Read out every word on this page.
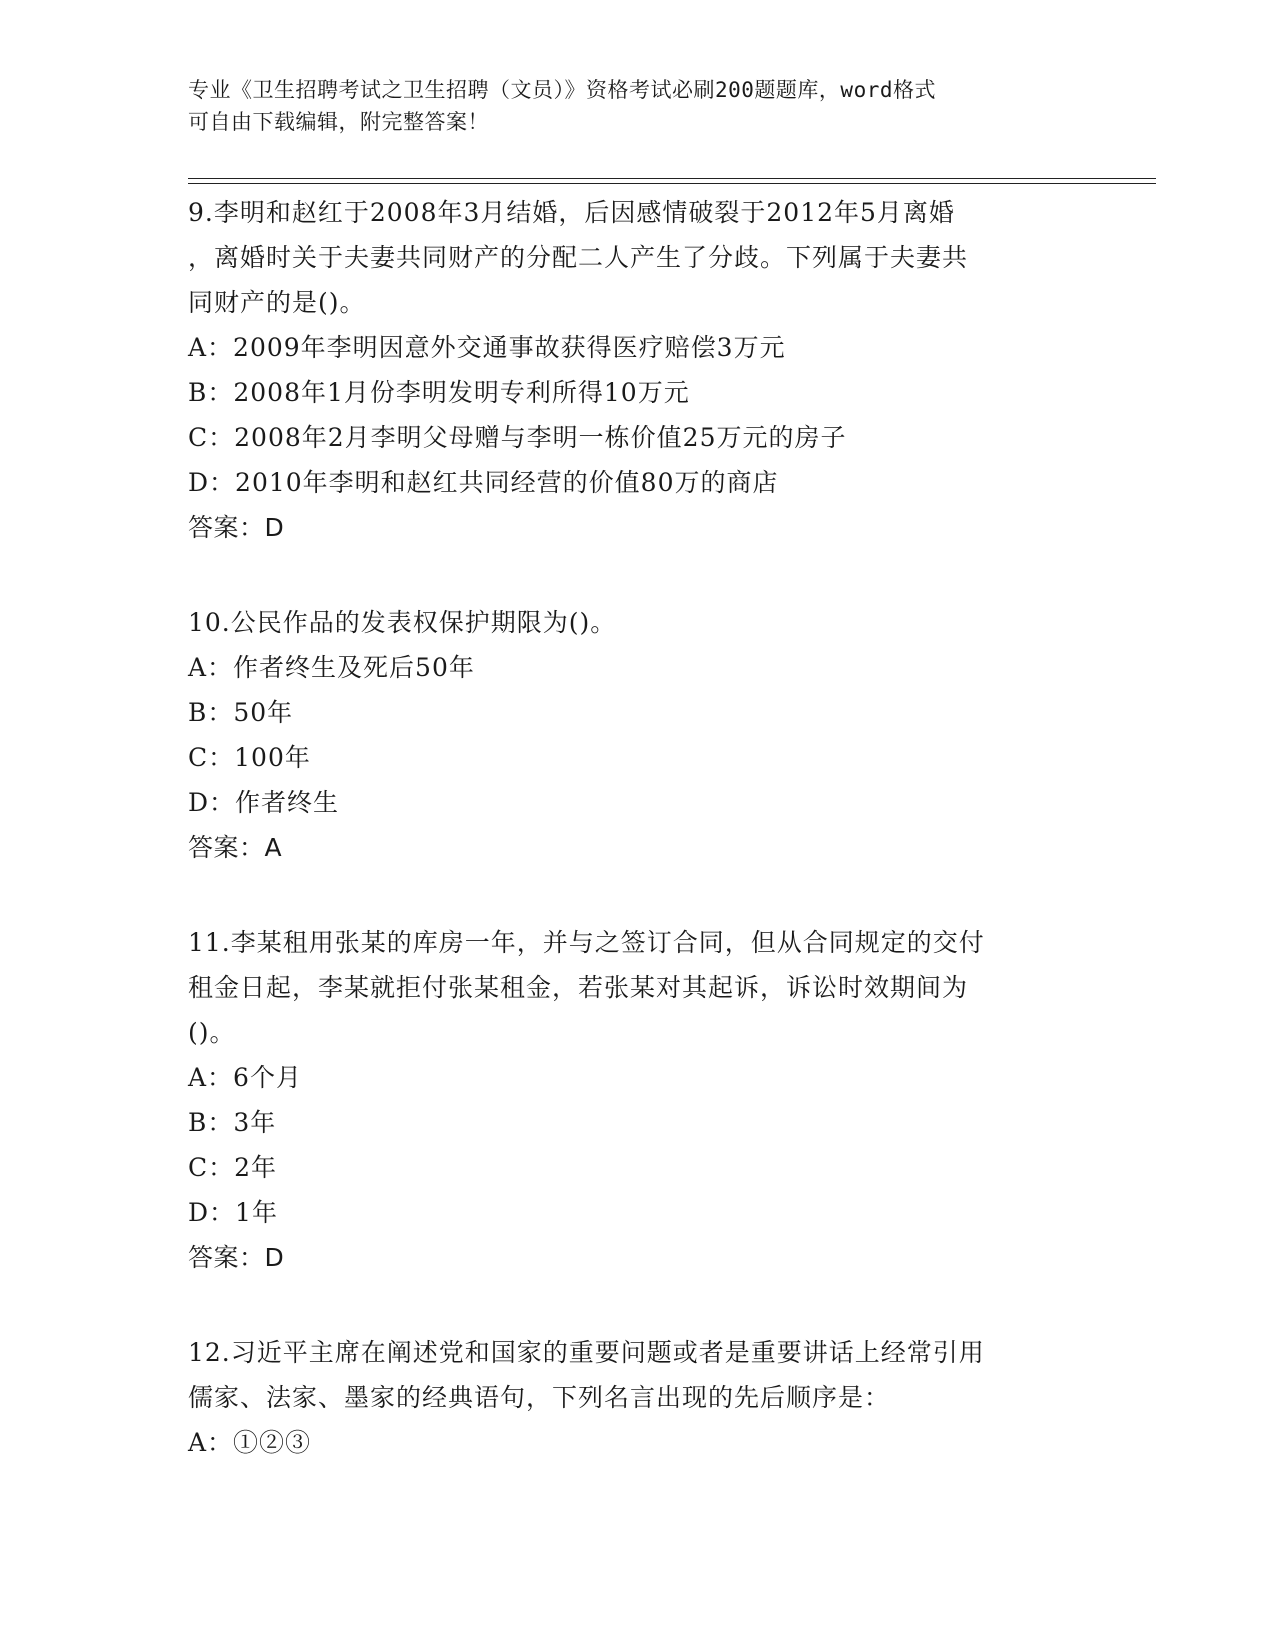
专业《卫生招聘考试之卫生招聘（文员）》资格考试必刷200题题库，word格式
可自由下载编辑，附完整答案！
9.李明和赵红于2008年3月结婚，后因感情破裂于2012年5月离婚
，离婚时关于夫妻共同财产的分配二人产生了分歧。下列属于夫妻共
同财产的是()。
A：2009年李明因意外交通事故获得医疗赔偿3万元
B：2008年1月份李明发明专利所得10万元
C：2008年2月李明父母赠与李明一栋价值25万元的房子
D：2010年李明和赵红共同经营的价值80万的商店
答案：D
10.公民作品的发表权保护期限为()。
A：作者终生及死后50年
B：50年
C：100年
D：作者终生
答案：A
11.李某租用张某的库房一年，并与之签订合同，但从合同规定的交付
租金日起，李某就拒付张某租金，若张某对其起诉，诉讼时效期间为
()。
A：6个月
B：3年
C：2年
D：1年
答案：D
12.习近平主席在阐述党和国家的重要问题或者是重要讲话上经常引用
儒家、法家、墨家的经典语句，下列名言出现的先后顺序是：
A：①②③
